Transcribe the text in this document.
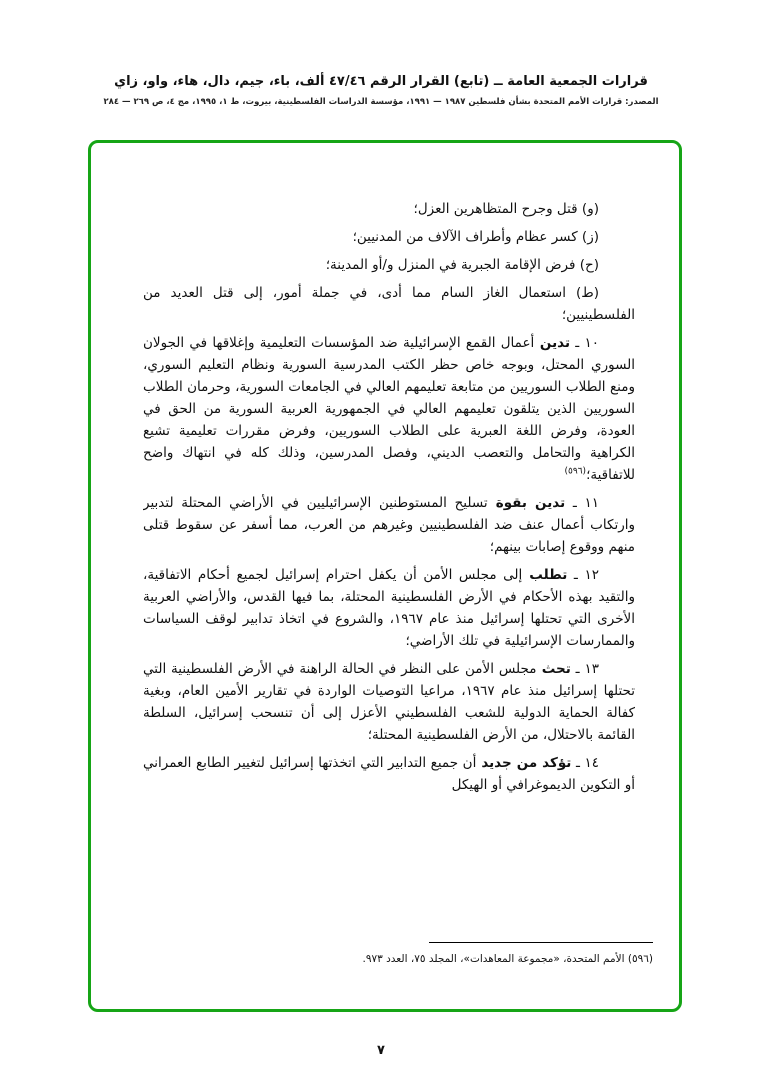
قرارات الجمعية العامة ــ (تابع) القرار الرقم ٤٧/٤٦ ألف، باء، جيم، دال، هاء، واو، زاي
المصدر: قرارات الأمم المتحدة بشأن فلسطين ١٩٨٧ — ١٩٩١، مؤسسة الدراسات الفلسطينية، بيروت، ط ١، ١٩٩٥، مج ٤، ص ٢٦٩ — ٢٨٤

(و) قتل وجرح المتظاهرين العزل؛

(ز) كسر عظام وأطراف الآلاف من المدنيين؛

(ح) فرض الإقامة الجبرية في المنزل و/أو المدينة؛

(ط) استعمال الغاز السام مما أدى، في جملة أمور، إلى قتل العديد من الفلسطينيين؛

١٠ ـ تدين أعمال القمع الإسرائيلية ضد المؤسسات التعليمية وإغلاقها في الجولان السوري المحتل، وبوجه خاص حظر الكتب المدرسية السورية ونظام التعليم السوري، ومنع الطلاب السوريين من متابعة تعليمهم العالي في الجامعات السورية، وحرمان الطلاب السوريين الذين يتلقون تعليمهم العالي في الجمهورية العربية السورية من الحق في العودة، وفرض اللغة العبرية على الطلاب السوريين، وفرض مقررات تعليمية تشيع الكراهية والتحامل والتعصب الديني، وفصل المدرسين، وذلك كله في انتهاك واضح للاتفاقية؛$^{(٥٩٦)}$

١١ ـ تدين بقوة تسليح المستوطنين الإسرائيليين في الأراضي المحتلة لتدبير وارتكاب أعمال عنف ضد الفلسطينيين وغيرهم من العرب، مما أسفر عن سقوط قتلى منهم ووقوع إصابات بينهم؛

١٢ ـ تطلب إلى مجلس الأمن أن يكفل احترام إسرائيل لجميع أحكام الاتفاقية، والتقيد بهذه الأحكام في الأرض الفلسطينية المحتلة، بما فيها القدس، والأراضي العربية الأخرى التي تحتلها إسرائيل منذ عام ١٩٦٧، والشروع في اتخاذ تدابير لوقف السياسات والممارسات الإسرائيلية في تلك الأراضي؛

١٣ ـ تحث مجلس الأمن على النظر في الحالة الراهنة في الأرض الفلسطينية التي تحتلها إسرائيل منذ عام ١٩٦٧، مراعيا التوصيات الواردة في تقارير الأمين العام، وبغية كفالة الحماية الدولية للشعب الفلسطيني الأعزل إلى أن تنسحب إسرائيل، السلطة القائمة بالاحتلال، من الأرض الفلسطينية المحتلة؛

١٤ ـ تؤكد من جديد أن جميع التدابير التي اتخذتها إسرائيل لتغيير الطابع العمراني أو التكوين الديموغرافي أو الهيكل

(٥٩٦) الأمم المتحدة، «مجموعة المعاهدات»، المجلد ٧٥، العدد ٩٧٣.
٧
